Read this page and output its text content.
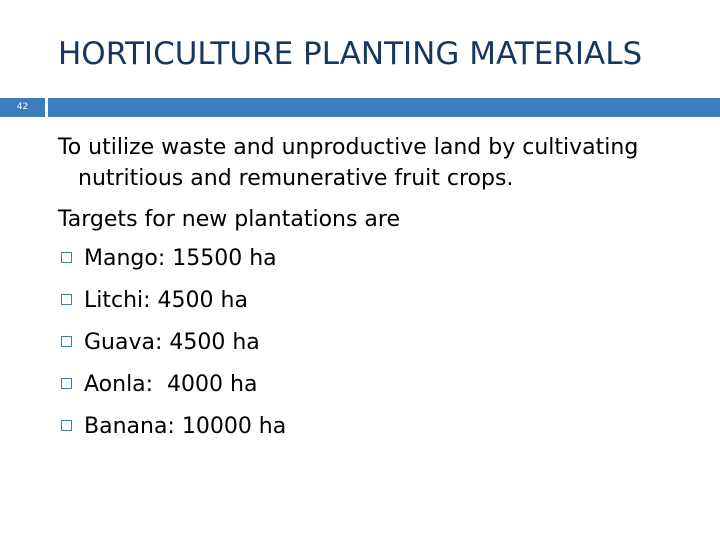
HORTICULTURE PLANTING MATERIALS
42

To utilize waste and unproductive land by cultivating nutritious and remunerative fruit crops.

Targets for new plantations are

Mango: 15500 ha
Litchi: 4500 ha
Guava: 4500 ha
Aonla:  4000 ha
Banana: 10000 ha
